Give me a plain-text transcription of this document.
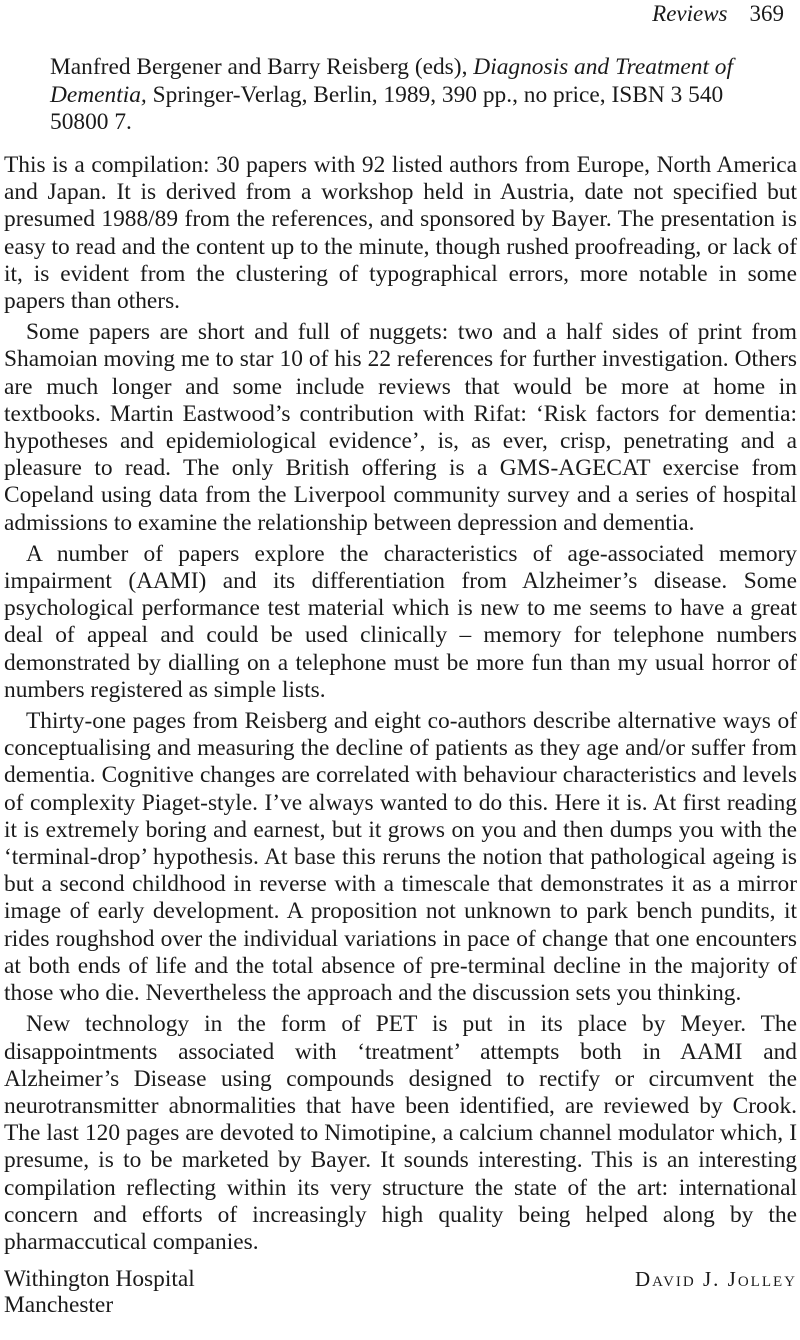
Reviews 369
Manfred Bergener and Barry Reisberg (eds), Diagnosis and Treatment of Dementia, Springer-Verlag, Berlin, 1989, 390 pp., no price, ISBN 3 540 50800 7.

This is a compilation: 30 papers with 92 listed authors from Europe, North America and Japan. It is derived from a workshop held in Austria, date not specified but presumed 1988/89 from the references, and sponsored by Bayer. The presentation is easy to read and the content up to the minute, though rushed proofreading, or lack of it, is evident from the clustering of typographical errors, more notable in some papers than others.

Some papers are short and full of nuggets: two and a half sides of print from Shamoian moving me to star 10 of his 22 references for further investigation. Others are much longer and some include reviews that would be more at home in textbooks. Martin Eastwood’s contribution with Rifat: ‘Risk factors for dementia: hypotheses and epidemiological evidence’, is, as ever, crisp, penetrating and a pleasure to read. The only British offering is a GMS-AGECAT exercise from Copeland using data from the Liverpool community survey and a series of hospital admissions to examine the relationship between depression and dementia.

A number of papers explore the characteristics of age-associated memory impairment (AAMI) and its differentiation from Alzheimer’s disease. Some psychological performance test material which is new to me seems to have a great deal of appeal and could be used clinically – memory for telephone numbers demonstrated by dialling on a telephone must be more fun than my usual horror of numbers registered as simple lists.

Thirty-one pages from Reisberg and eight co-authors describe alternative ways of conceptualising and measuring the decline of patients as they age and/or suffer from dementia. Cognitive changes are correlated with behaviour characteristics and levels of complexity Piaget-style. I’ve always wanted to do this. Here it is. At first reading it is extremely boring and earnest, but it grows on you and then dumps you with the ‘terminal-drop’ hypothesis. At base this reruns the notion that pathological ageing is but a second childhood in reverse with a timescale that demonstrates it as a mirror image of early development. A proposition not unknown to park bench pundits, it rides roughshod over the individual variations in pace of change that one encounters at both ends of life and the total absence of pre-terminal decline in the majority of those who die. Nevertheless the approach and the discussion sets you thinking.

New technology in the form of PET is put in its place by Meyer. The disappointments associated with ‘treatment’ attempts both in AAMI and Alzheimer’s Disease using compounds designed to rectify or circumvent the neurotransmitter abnormalities that have been identified, are reviewed by Crook. The last 120 pages are devoted to Nimotipine, a calcium channel modulator which, I presume, is to be marketed by Bayer. It sounds interesting. This is an interesting compilation reflecting within its very structure the state of the art: international concern and efforts of increasingly high quality being helped along by the pharmaccutical companies.

Withington Hospital
Manchester
David J. Jolley
